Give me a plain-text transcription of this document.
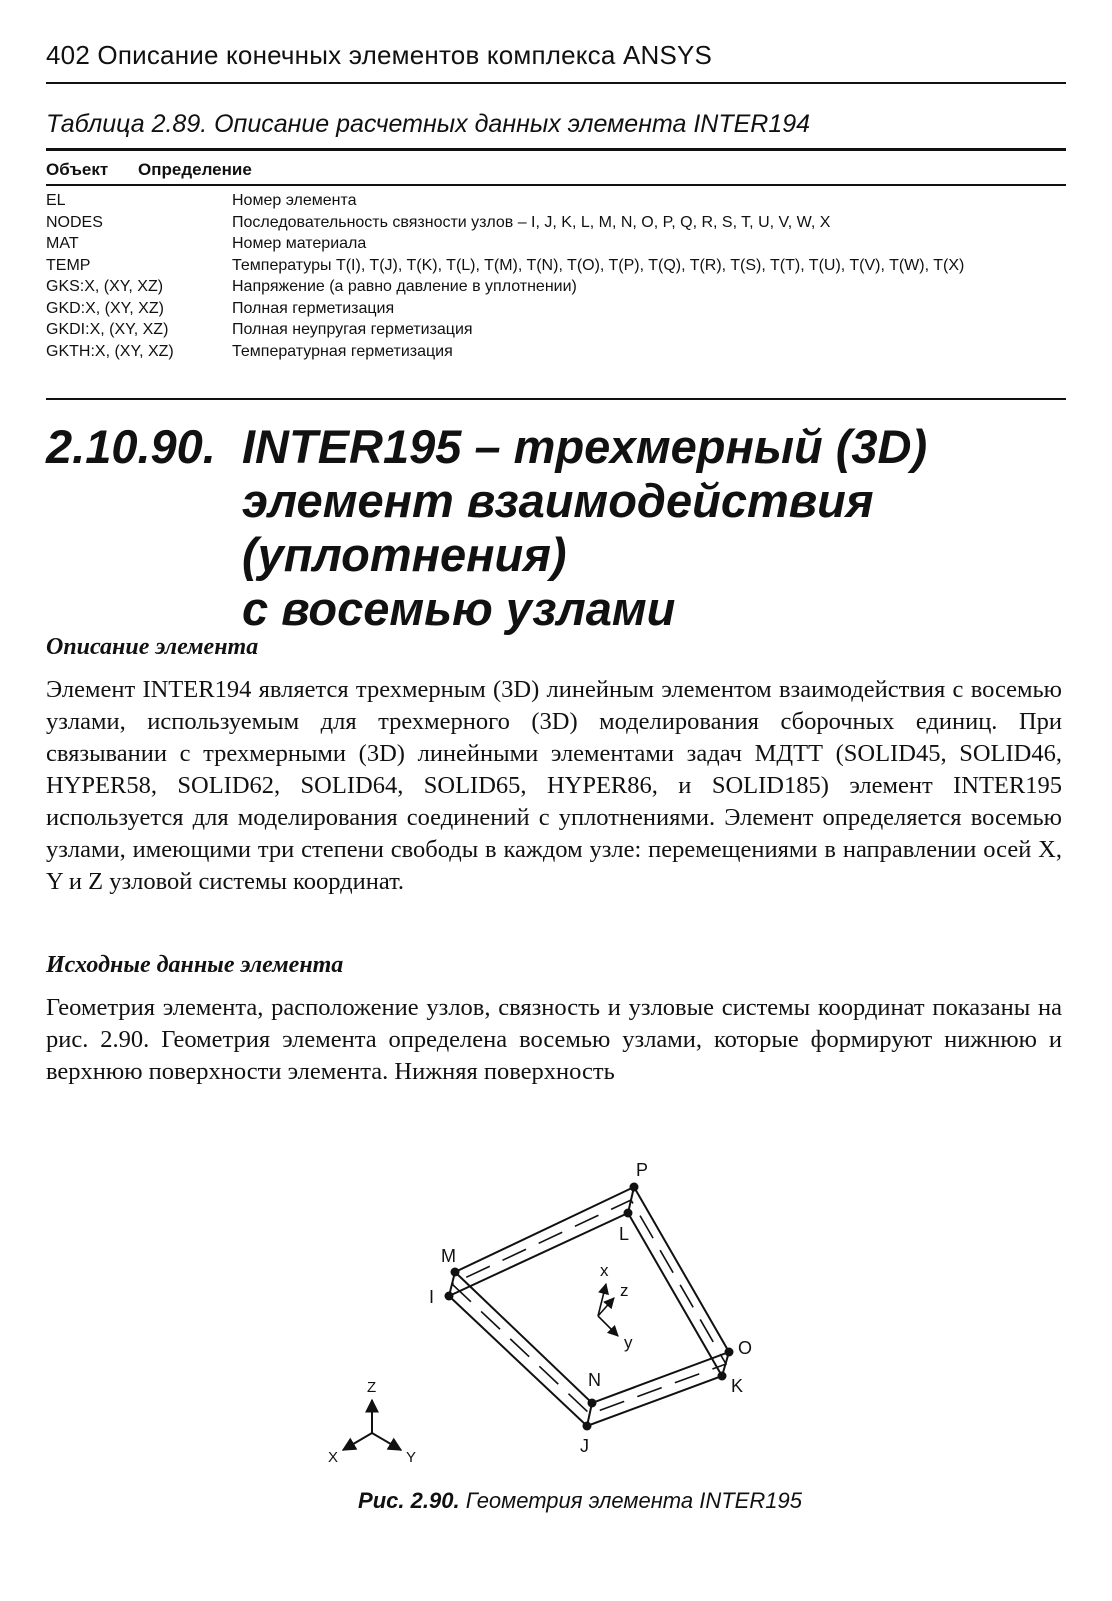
402 Описание конечных элементов комплекса ANSYS
Таблица 2.89. Описание расчетных данных элемента INTER194
Объект Определение
EL	Номер элемента
NODES	Последовательность связности узлов – I, J, K, L, M, N, O, P, Q, R, S, T, U, V, W, X
MAT	Номер материала
TEMP	Температуры T(I), T(J), T(K), T(L), T(M), T(N), T(O), T(P), T(Q), T(R), T(S), T(T), T(U), T(V), T(W), T(X)
GKS:X, (XY, XZ)	Напряжение (а равно давление в уплотнении)
GKD:X, (XY, XZ)	Полная герметизация
GKDI:X, (XY, XZ)	Полная неупругая герметизация
GKTH:X, (XY, XZ)	Температурная герметизация
2.10.90. INTER195 – трехмерный (3D)
элемент взаимодействия
(уплотнения)
с восемью узлами
Описание элемента
Элемент INTER194 является трехмерным (3D) линейным элементом взаимодействия с восемью узлами, используемым для трехмерного (3D) моделирования сборочных единиц. При связывании с трехмерными (3D) линейными элементами задач МДТТ (SOLID45, SOLID46, HYPER58, SOLID62, SOLID64, SOLID65, HYPER86, и SOLID185) элемент INTER195 используется для моделирования соединений с уплотнениями. Элемент определяется восемью узлами, имеющими три степени свободы в каждом узле: перемещениями в направлении осей X, Y и Z узловой системы координат.
Исходные данные элемента
Геометрия элемента, расположение узлов, связность и узловые системы координат показаны на рис. 2.90. Геометрия элемента определена восемью узлами, которые формируют нижнюю и верхнюю поверхности элемента. Нижняя поверхность
P
L
M
I
O
K
N
J
x
z
y
Z
X	Y
Рис. 2.90. Геометрия элемента INTER195
